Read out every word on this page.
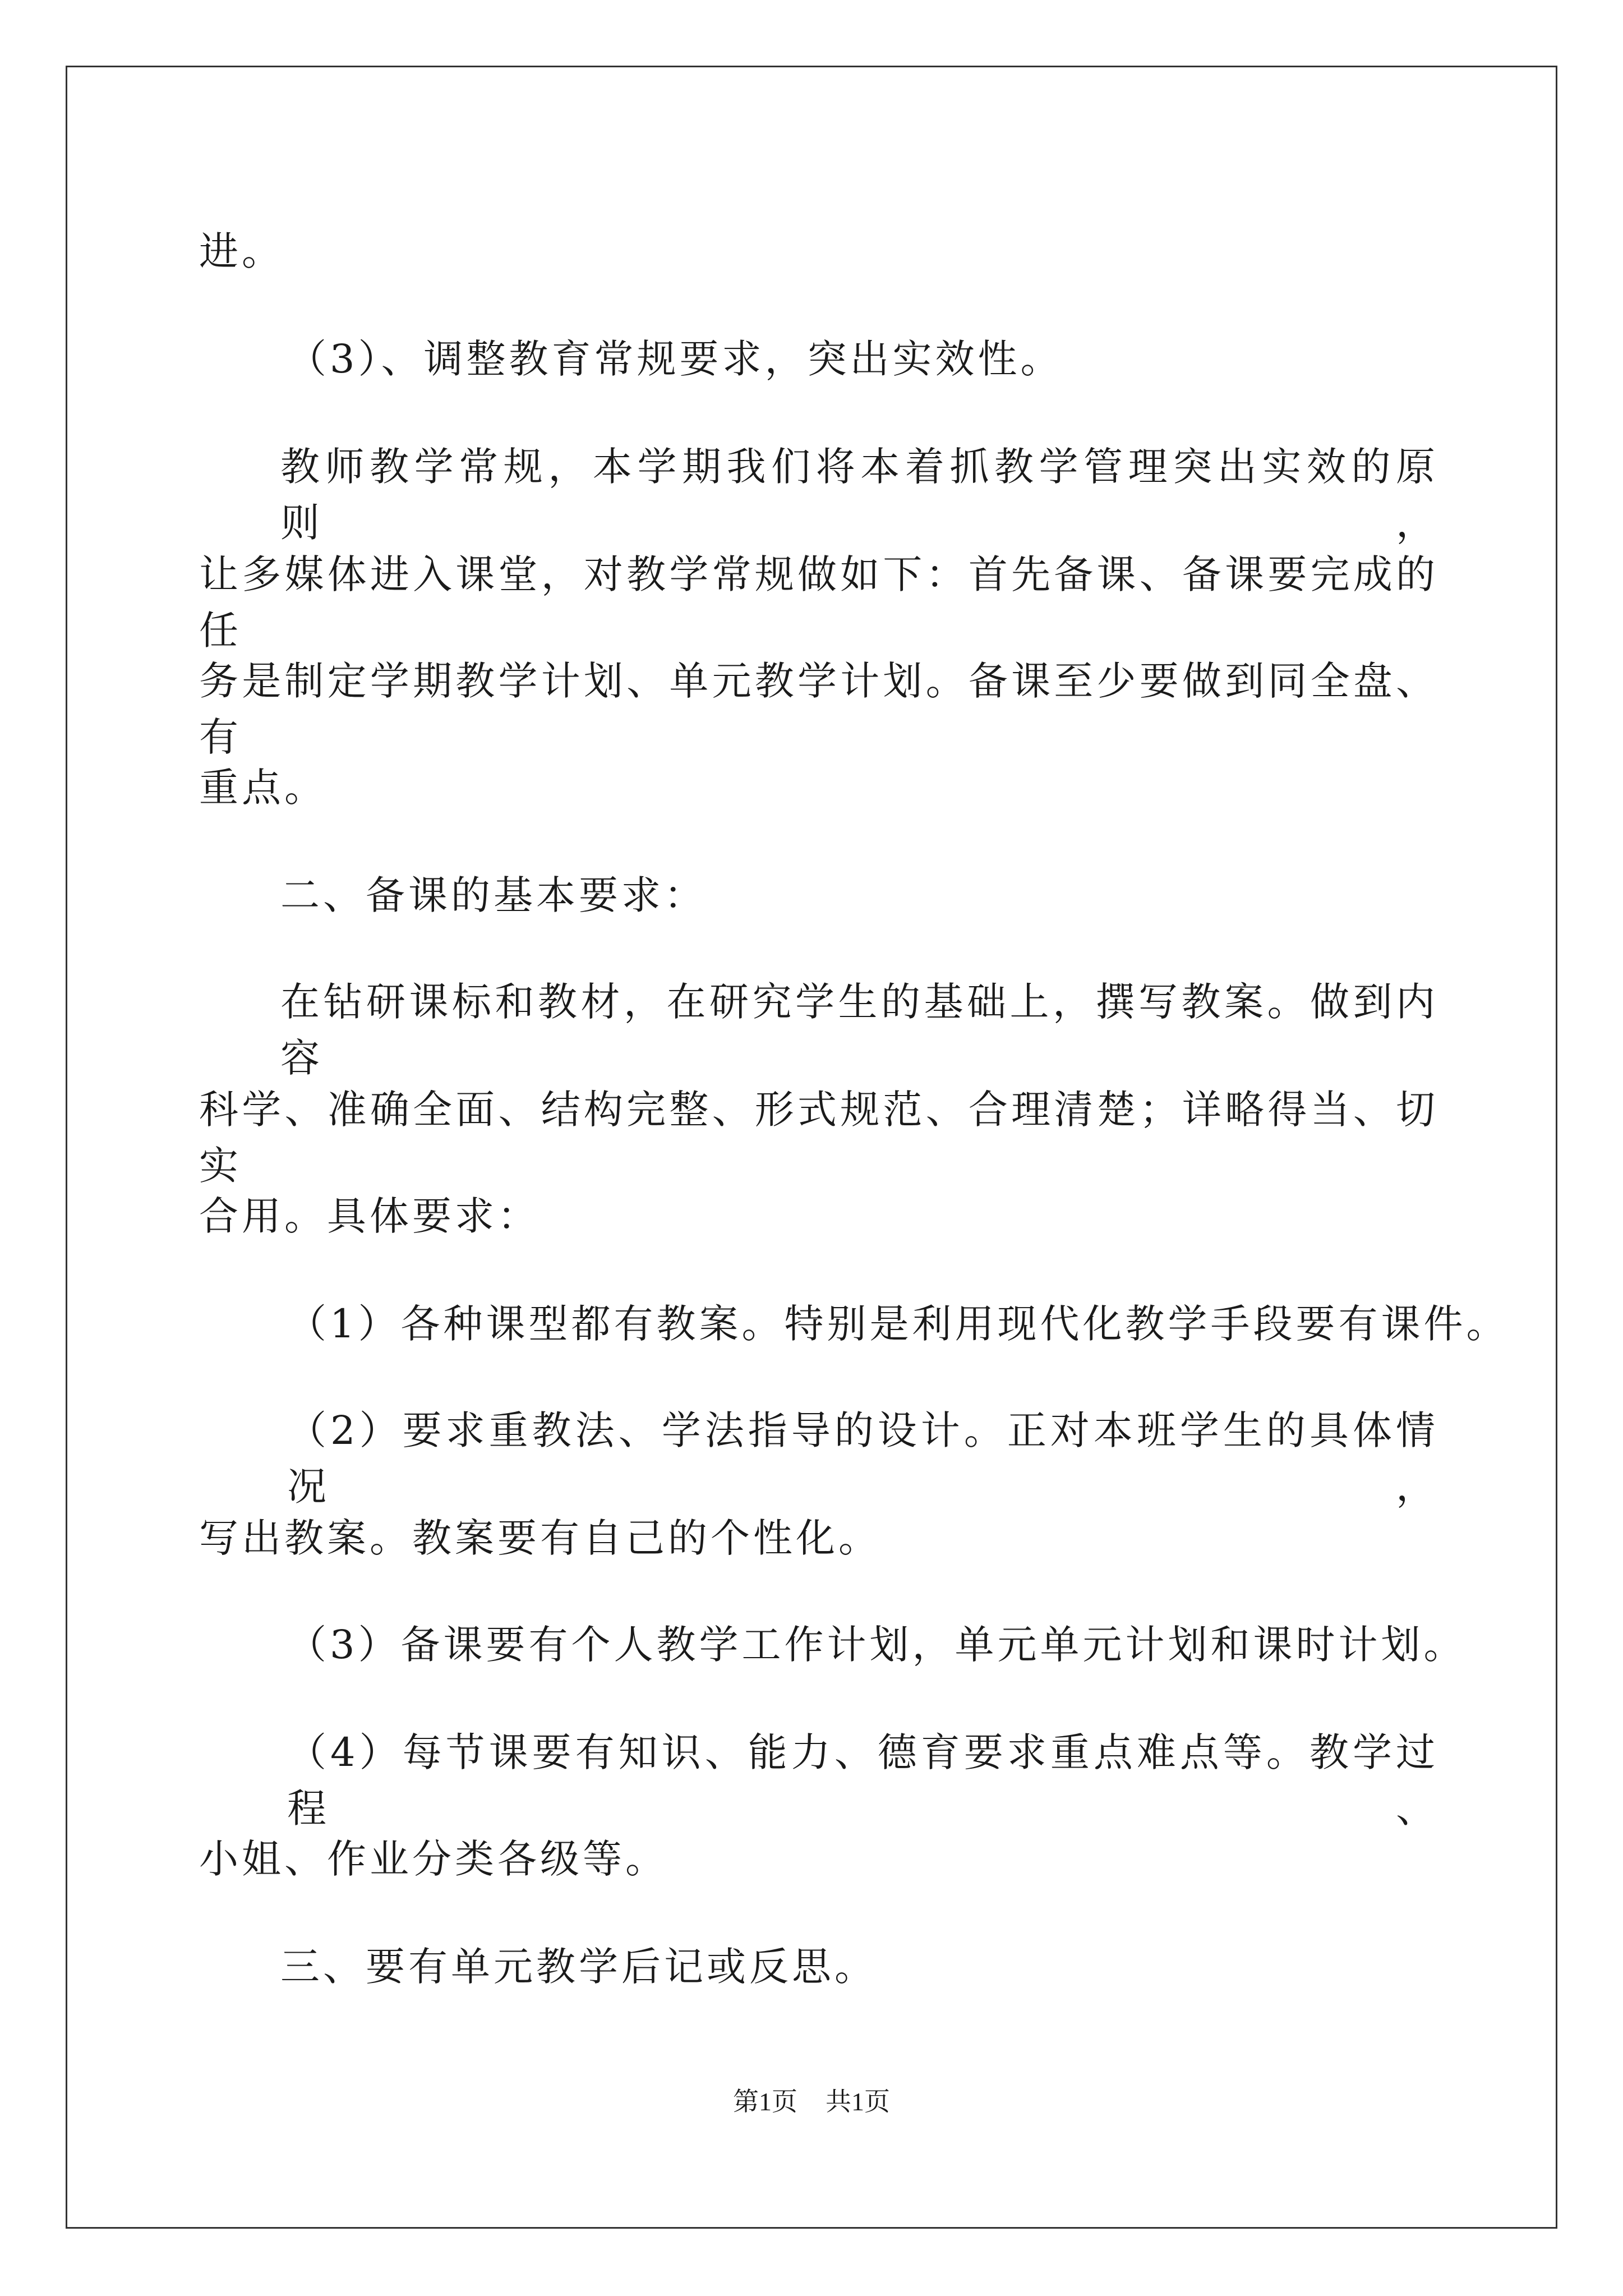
进。
（3）、调整教育常规要求，突出实效性。
教师教学常规，本学期我们将本着抓教学管理突出实效的原则，
让多媒体进入课堂，对教学常规做如下：首先备课、备课要完成的任
务是制定学期教学计划、单元教学计划。备课至少要做到同全盘、有
重点。
二、备课的基本要求：
在钻研课标和教材，在研究学生的基础上，撰写教案。做到内容
科学、准确全面、结构完整、形式规范、合理清楚；详略得当、切实
合用。具体要求：
（1）各种课型都有教案。特别是利用现代化教学手段要有课件。
（2）要求重教法、学法指导的设计。正对本班学生的具体情况，
写出教案。教案要有自己的个性化。
（3）备课要有个人教学工作计划，单元单元计划和课时计划。
（4）每节课要有知识、能力、德育要求重点难点等。教学过程、
小姐、作业分类各级等。
三、要有单元教学后记或反思。
第1页 共1页
